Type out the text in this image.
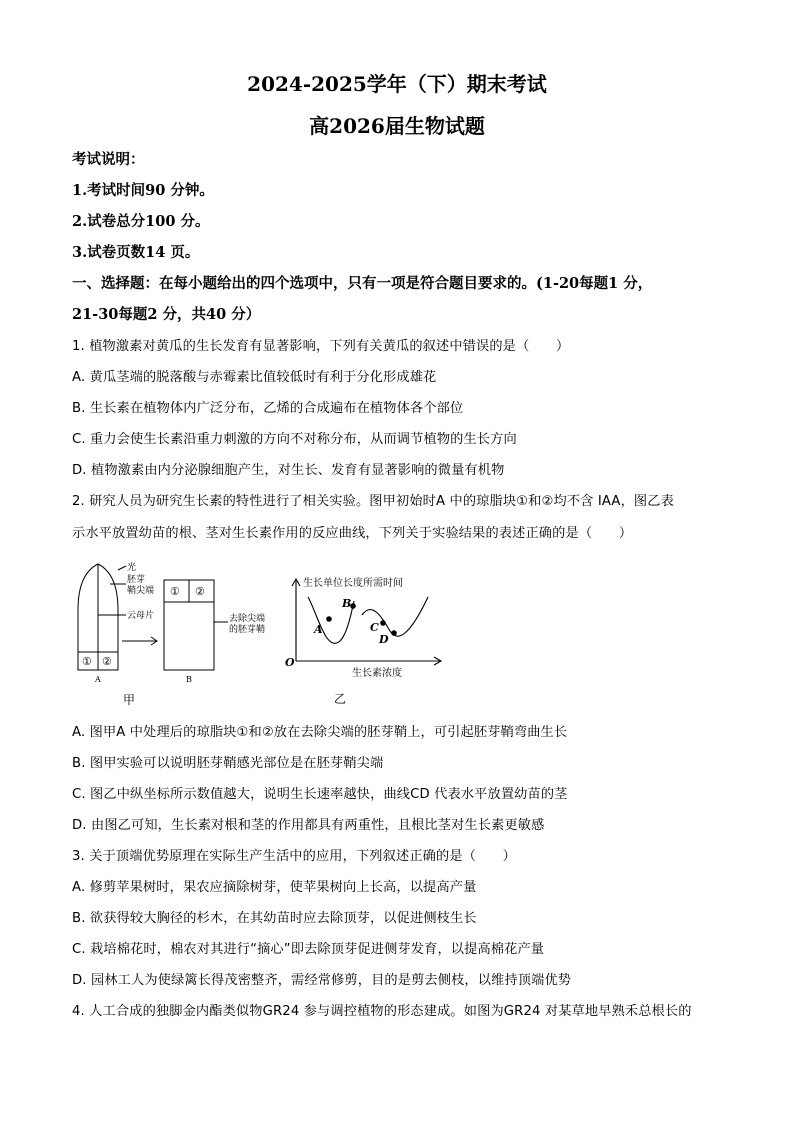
2024-2025学年（下）期末考试
高2026届生物试题
考试说明：
1.考试时间90 分钟。
2.试卷总分100 分。
3.试卷页数14 页。
一、选择题：在每小题给出的四个选项中，只有一项是符合题目要求的。(1-20每题1 分，
21-30每题2 分，共40 分）
1. 植物激素对黄瓜的生长发育有显著影响，下列有关黄瓜的叙述中错误的是（　　）
A. 黄瓜茎端的脱落酸与赤霉素比值较低时有利于分化形成雄花
B. 生长素在植物体内广泛分布，乙烯的合成遍布在植物体各个部位
C. 重力会使生长素沿重力刺激的方向不对称分布，从而调节植物的生长方向
D. 植物激素由内分泌腺细胞产生，对生长、发育有显著影响的微量有机物
2. 研究人员为研究生长素的特性进行了相关实验。图甲初始时A 中的琼脂块①和②均不含 IAA，图乙表
示水平放置幼苗的根、茎对生长素作用的反应曲线，下列关于实验结果的表述正确的是（　　）
光
胚芽
鞘尖端
云母片	去除尖端
的胚芽鞘
① ②
① ②
A	B
甲
生长单位长度所需时间
生长素浓度
O
A
B
C
D
乙
A. 图甲A 中处理后的琼脂块①和②放在去除尖端的胚芽鞘上，可引起胚芽鞘弯曲生长
B. 图甲实验可以说明胚芽鞘感光部位是在胚芽鞘尖端
C. 图乙中纵坐标所示数值越大，说明生长速率越快，曲线CD 代表水平放置幼苗的茎
D. 由图乙可知，生长素对根和茎的作用都具有两重性，且根比茎对生长素更敏感
3. 关于顶端优势原理在实际生产生活中的应用，下列叙述正确的是（　　）
A. 修剪苹果树时，果农应摘除树芽，使苹果树向上长高，以提高产量
B. 欲获得较大胸径的杉木，在其幼苗时应去除顶芽，以促进侧枝生长
C. 栽培棉花时，棉农对其进行“摘心”即去除顶芽促进侧芽发育，以提高棉花产量
D. 园林工人为使绿篱长得茂密整齐，需经常修剪，目的是剪去侧枝，以维持顶端优势
4. 人工合成的独脚金内酯类似物GR24 参与调控植物的形态建成。如图为GR24 对某草地早熟禾总根长的
